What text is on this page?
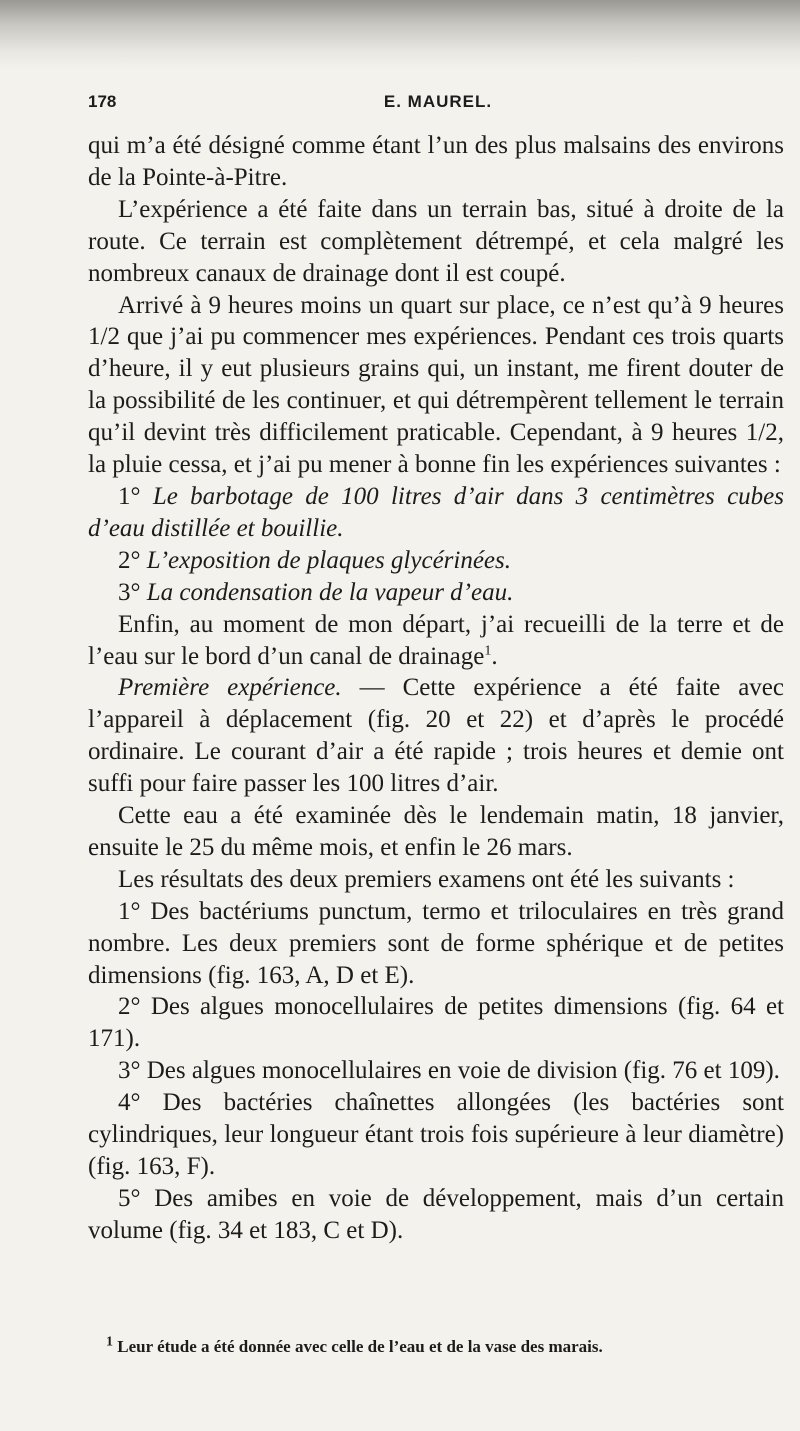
178	E. MAUREL.

qui m’a été désigné comme étant l’un des plus malsains des environs de la Pointe-à-Pitre.

L’expérience a été faite dans un terrain bas, situé à droite de la route. Ce terrain est complètement détrempé, et cela malgré les nombreux canaux de drainage dont il est coupé.

Arrivé à 9 heures moins un quart sur place, ce n’est qu’à 9 heures 1/2 que j’ai pu commencer mes expériences. Pendant ces trois quarts d’heure, il y eut plusieurs grains qui, un instant, me firent douter de la possibilité de les continuer, et qui détrempèrent tellement le terrain qu’il devint très difficilement praticable. Cependant, à 9 heures 1/2, la pluie cessa, et j’ai pu mener à bonne fin les expériences suivantes :

1° Le barbotage de 100 litres d’air dans 3 centimètres cubes d’eau distillée et bouillie.

2° L’exposition de plaques glycérinées.

3° La condensation de la vapeur d’eau.

Enfin, au moment de mon départ, j’ai recueilli de la terre et de l’eau sur le bord d’un canal de drainage$^1$.

Première expérience. — Cette expérience a été faite avec l’appareil à déplacement (fig. 20 et 22) et d’après le procédé ordinaire. Le courant d’air a été rapide ; trois heures et demie ont suffi pour faire passer les 100 litres d’air.

Cette eau a été examinée dès le lendemain matin, 18 janvier, ensuite le 25 du même mois, et enfin le 26 mars.

Les résultats des deux premiers examens ont été les suivants :

1° Des bactériums punctum, termo et triloculaires en très grand nombre. Les deux premiers sont de forme sphérique et de petites dimensions (fig. 163, A, D et E).

2° Des algues monocellulaires de petites dimensions (fig. 64 et 171).

3° Des algues monocellulaires en voie de division (fig. 76 et 109).

4° Des bactéries chaînettes allongées (les bactéries sont cylindriques, leur longueur étant trois fois supérieure à leur diamètre) (fig. 163, F).

5° Des amibes en voie de développement, mais d’un certain volume (fig. 34 et 183, C et D).

$^1$ Leur étude a été donnée avec celle de l’eau et de la vase des marais.
